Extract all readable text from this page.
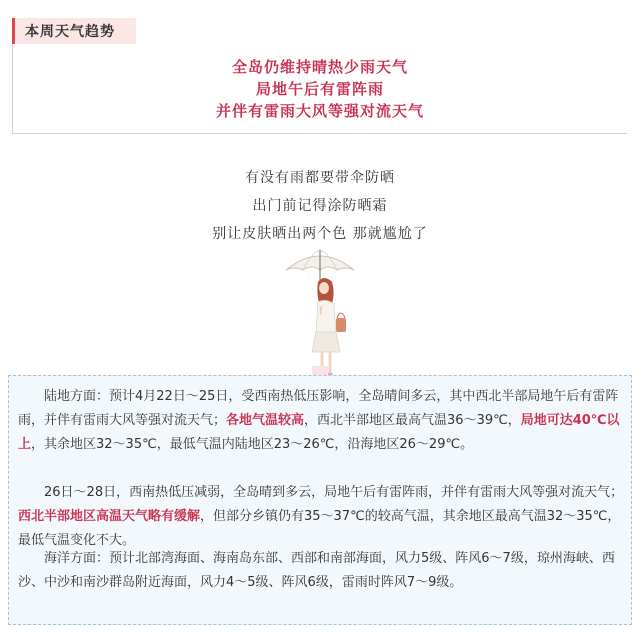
本周天气趋势
全岛仍维持晴热少雨天气
局地午后有雷阵雨
并伴有雷雨大风等强对流天气
有没有雨都要带伞防晒
出门前记得涂防晒霜
别让皮肤晒出两个色 那就尴尬了

　　陆地方面：预计4月22日～25日，受西南热低压影响，全岛晴间多云，其中西北半部局地午后有雷阵雨，并伴有雷雨大风等强对流天气；各地气温较高，西北半部地区最高气温36～39℃，局地可达40℃以上，其余地区32～35℃，最低气温内陆地区23～26℃，沿海地区26～29℃。

　　26日～28日，西南热低压减弱，全岛晴到多云，局地午后有雷阵雨，并伴有雷雨大风等强对流天气；西北半部地区高温天气略有缓解，但部分乡镇仍有35～37℃的较高气温，其余地区最高气温32～35℃，最低气温变化不大。

　　海洋方面：预计北部湾海面、海南岛东部、西部和南部海面，风力5级、阵风6～7级，琼州海峡、西沙、中沙和南沙群岛附近海面，风力4～5级、阵风6级，雷雨时阵风7～9级。
